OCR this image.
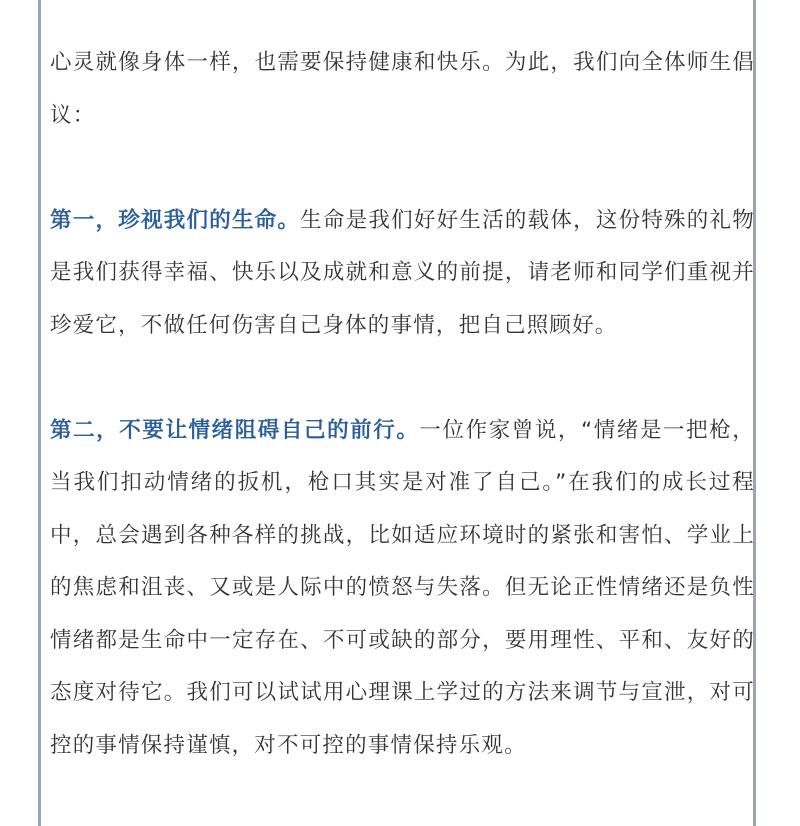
心灵就像身体一样，也需要保持健康和快乐。为此，我们向全体师生倡议：

第一，珍视我们的生命。生命是我们好好生活的载体，这份特殊的礼物是我们获得幸福、快乐以及成就和意义的前提，请老师和同学们重视并珍爱它，不做任何伤害自己身体的事情，把自己照顾好。

第二，不要让情绪阻碍自己的前行。一位作家曾说，“情绪是一把枪，当我们扣动情绪的扳机，枪口其实是对准了自己。”在我们的成长过程中，总会遇到各种各样的挑战，比如适应环境时的紧张和害怕、学业上的焦虑和沮丧、又或是人际中的愤怒与失落。但无论正性情绪还是负性情绪都是生命中一定存在、不可或缺的部分，要用理性、平和、友好的态度对待它。我们可以试试用心理课上学过的方法来调节与宣泄，对可控的事情保持谨慎，对不可控的事情保持乐观。
